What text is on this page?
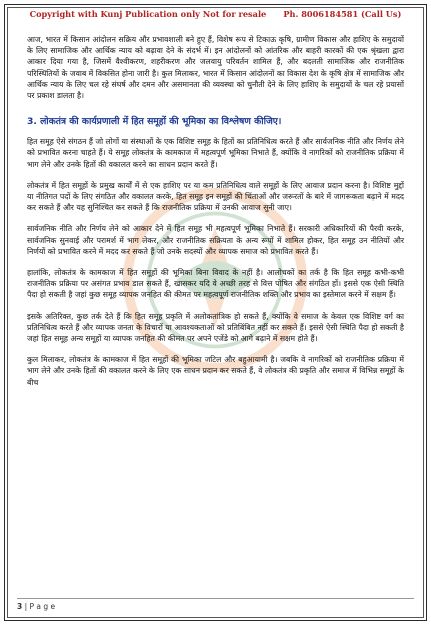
Copyright with Kunj Publication only Not for resale Ph. 8006184581 (Call Us)

आज, भारत में किसान आंदोलन सक्रिय और प्रभावशाली बने हुए हैं, विशेष रूप से टिकाऊ कृषि, ग्रामीण विकास और हाशिए के समुदायों के लिए सामाजिक और आर्थिक न्याय को बढ़ावा देने के संदर्भ में। इन आंदोलनों को आंतरिक और बाहरी कारकों की एक श्रृंखला द्वारा आकार दिया गया है, जिसमें वैश्वीकरण, शहरीकरण और जलवायु परिवर्तन शामिल हैं, और बदलती सामाजिक और राजनीतिक परिस्थितियों के जवाब में विकसित होना जारी है। कुल मिलाकर, भारत में किसान आंदोलनों का विकास देश के कृषि क्षेत्र में सामाजिक और आर्थिक न्याय के लिए चल रहे संघर्ष और दमन और असमानता की व्यवस्था को चुनौती देने के लिए हाशिए के समुदायों के चल रहे प्रयासों पर प्रकाश डालता है।

3. लोकतंत्र की कार्यप्रणाली में हित समूहों की भूमिका का विश्लेषण कीजिए।

हित समूह ऐसे संगठन हैं जो लोगों या संस्थाओं के एक विशिष्ट समूह के हितों का प्रतिनिधित्व करते हैं और सार्वजनिक नीति और निर्णय लेने को प्रभावित करना चाहते हैं। ये समूह लोकतंत्र के कामकाज में महत्वपूर्ण भूमिका निभाते हैं, क्योंकि वे नागरिकों को राजनीतिक प्रक्रिया में भाग लेने और उनके हितों की वकालत करने का साधन प्रदान करते हैं।

लोकतंत्र में हित समूहों के प्रमुख कार्यों में से एक हाशिए पर या कम प्रतिनिधित्व वाले समूहों के लिए आवाज प्रदान करना है। विशिष्ट मुद्दों या नीतिगत पदों के लिए संगठित और वकालत करके, हित समूह इन समूहों की चिंताओं और जरूरतों के बारे में जागरूकता बढ़ाने में मदद कर सकते हैं और यह सुनिश्चित कर सकते हैं कि राजनीतिक प्रक्रिया में उनकी आवाज सुनी जाए।

सार्वजनिक नीति और निर्णय लेने को आकार देने में हित समूह भी महत्वपूर्ण भूमिका निभाते हैं। सरकारी अधिकारियों की पैरवी करके, सार्वजनिक सुनवाई और परामर्श में भाग लेकर, और राजनीतिक सक्रियता के अन्य रूपों में शामिल होकर, हित समूह उन नीतियों और निर्णयों को प्रभावित करने में मदद कर सकते हैं जो उनके सदस्यों और व्यापक समाज को प्रभावित करते हैं।

हालांकि, लोकतंत्र के कामकाज में हित समूहों की भूमिका बिना विवाद के नहीं है। आलोचकों का तर्क है कि हित समूह कभी-कभी राजनीतिक प्रक्रिया पर असंगत प्रभाव डाल सकते हैं, खासकर यदि वे अच्छी तरह से वित्त पोषित और संगठित हों। इससे एक ऐसी स्थिति पैदा हो सकती है जहां कुछ समूह व्यापक जनहित की कीमत पर महत्वपूर्ण राजनीतिक शक्ति और प्रभाव का इस्तेमाल करने में सक्षम हैं।

इसके अतिरिक्त, कुछ तर्क देते हैं कि हित समूह प्रकृति में अलोकतांत्रिक हो सकते हैं, क्योंकि वे समाज के केवल एक विशिष्ट वर्ग का प्रतिनिधित्व करते हैं और व्यापक जनता के विचारों या आवश्यकताओं को प्रतिबिंबित नहीं कर सकते हैं। इससे ऐसी स्थिति पैदा हो सकती है जहां हित समूह अन्य समूहों या व्यापक जनहित की कीमत पर अपने एजेंडे को आगे बढ़ाने में सक्षम होते हैं।

कुल मिलाकर, लोकतंत्र के कामकाज में हित समूहों की भूमिका जटिल और बहुआयामी है। जबकि वे नागरिकों को राजनीतिक प्रक्रिया में भाग लेने और उनके हितों की वकालत करने के लिए एक साधन प्रदान कर सकते हैं, वे लोकतंत्र की प्रकृति और समाज में विभिन्न समूहों के बीच

3 | P a g e
